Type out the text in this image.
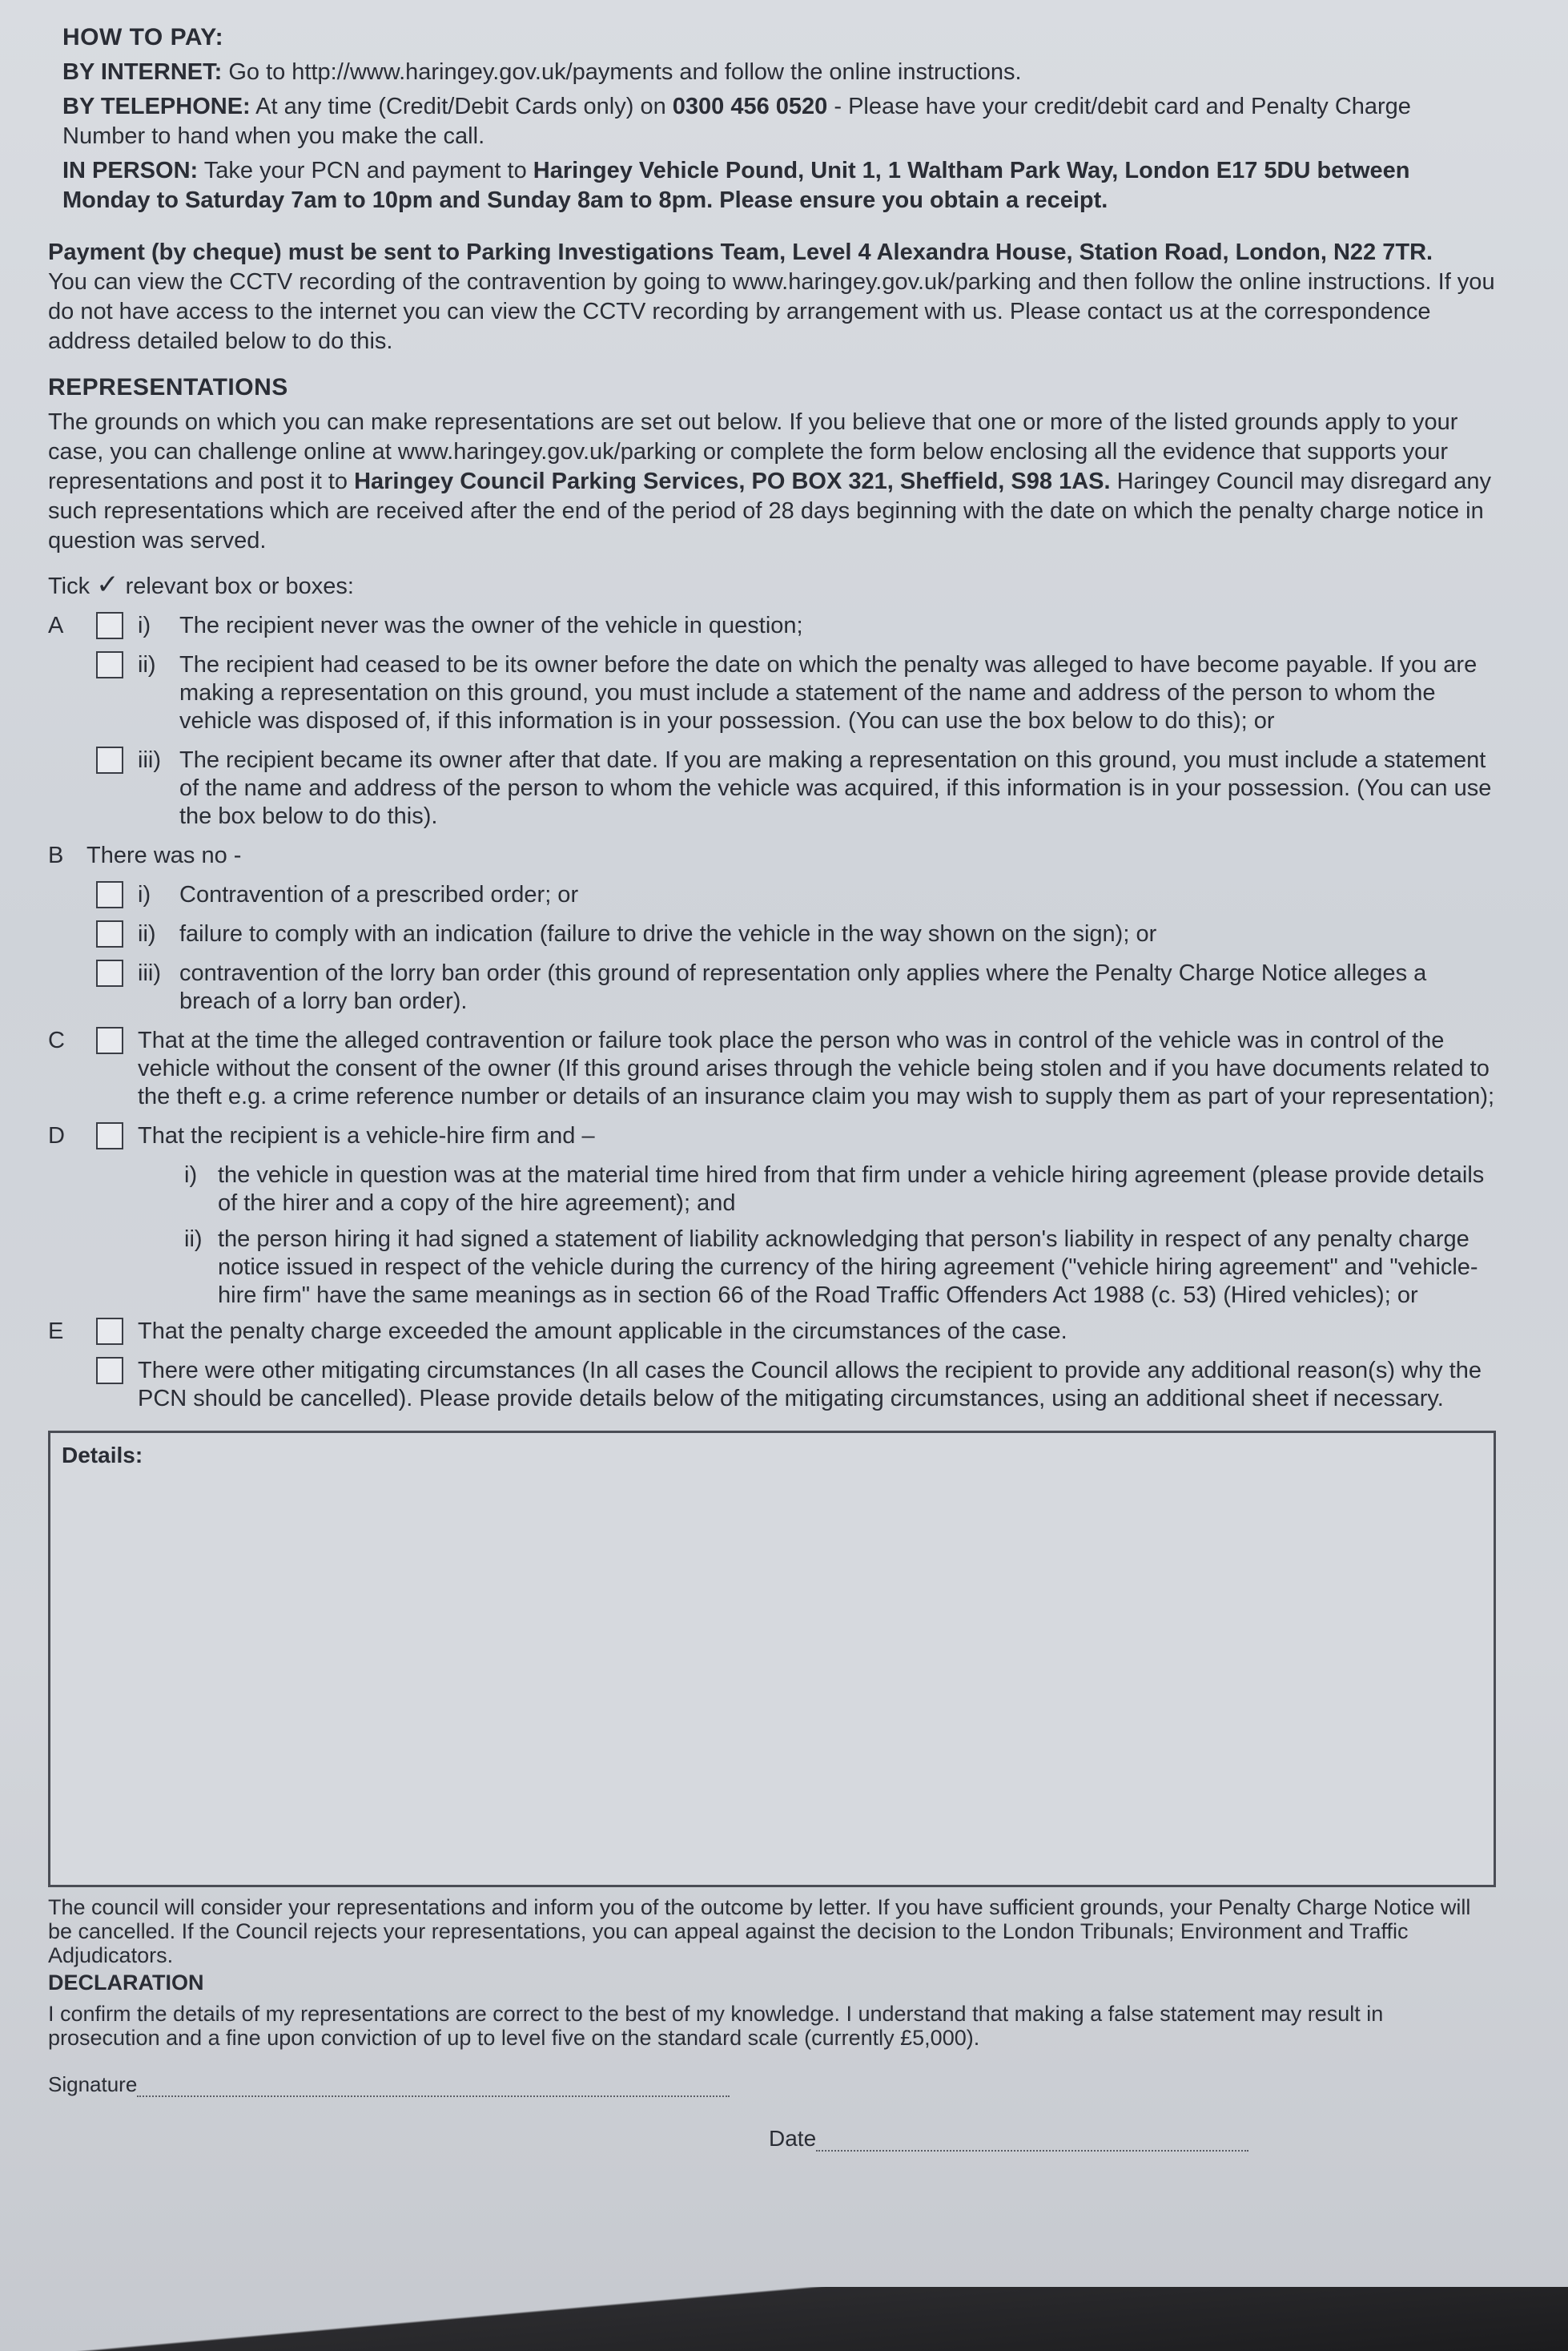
HOW TO PAY:

BY INTERNET: Go to http://www.haringey.gov.uk/payments and follow the online instructions.

BY TELEPHONE: At any time (Credit/Debit Cards only) on 0300 456 0520 - Please have your credit/debit card and Penalty Charge Number to hand when you make the call.

IN PERSON: Take your PCN and payment to Haringey Vehicle Pound, Unit 1, 1 Waltham Park Way, London E17 5DU between Monday to Saturday 7am to 10pm and Sunday 8am to 8pm. Please ensure you obtain a receipt.

Payment (by cheque) must be sent to Parking Investigations Team, Level 4 Alexandra House, Station Road, London, N22 7TR.

You can view the CCTV recording of the contravention by going to www.haringey.gov.uk/parking and then follow the online instructions. If you do not have access to the internet you can view the CCTV recording by arrangement with us. Please contact us at the correspondence address detailed below to do this.

REPRESENTATIONS

The grounds on which you can make representations are set out below. If you believe that one or more of the listed grounds apply to your case, you can challenge online at www.haringey.gov.uk/parking or complete the form below enclosing all the evidence that supports your representations and post it to Haringey Council Parking Services, PO BOX 321, Sheffield, S98 1AS. Haringey Council may disregard any such representations which are received after the end of the period of 28 days beginning with the date on which the penalty charge notice in question was served.

Tick ✓ relevant box or boxes:
A	i)	The recipient never was the owner of the vehicle in question;
ii)	The recipient had ceased to be its owner before the date on which the penalty was alleged to have become payable. If you are making a representation on this ground, you must include a statement of the name and address of the person to whom the vehicle was disposed of, if this information is in your possession. (You can use the box below to do this); or
iii) The recipient became its owner after that date. If you are making a representation on this ground, you must include a statement of the name and address of the person to whom the vehicle was acquired, if this information is in your possession. (You can use the box below to do this).
B There was no -
i)	Contravention of a prescribed order; or
ii)	failure to comply with an indication (failure to drive the vehicle in the way shown on the sign); or
iii) contravention of the lorry ban order (this ground of representation only applies where the Penalty Charge Notice alleges a breach of a lorry ban order).
C	That at the time the alleged contravention or failure took place the person who was in control of the vehicle was in control of the vehicle without the consent of the owner (If this ground arises through the vehicle being stolen and if you have documents related to the theft e.g. a crime reference number or details of an insurance claim you may wish to supply them as part of your representation);
D	That the recipient is a vehicle-hire firm and –
i) the vehicle in question was at the material time hired from that firm under a vehicle hiring agreement (please provide details of the hirer and a copy of the hire agreement); and
ii) the person hiring it had signed a statement of liability acknowledging that person's liability in respect of any penalty charge notice issued in respect of the vehicle during the currency of the hiring agreement ("vehicle hiring agreement" and "vehicle-hire firm" have the same meanings as in section 66 of the Road Traffic Offenders Act 1988 (c. 53) (Hired vehicles); or
E	That the penalty charge exceeded the amount applicable in the circumstances of the case.
There were other mitigating circumstances (In all cases the Council allows the recipient to provide any additional reason(s) why the PCN should be cancelled). Please provide details below of the mitigating circumstances, using an additional sheet if necessary.
Details:

The council will consider your representations and inform you of the outcome by letter. If you have sufficient grounds, your Penalty Charge Notice will be cancelled. If the Council rejects your representations, you can appeal against the decision to the London Tribunals; Environment and Traffic Adjudicators.

DECLARATION

I confirm the details of my representations are correct to the best of my knowledge. I understand that making a false statement may result in prosecution and a fine upon conviction of up to level five on the standard scale (currently £5,000).

Signature
Date
